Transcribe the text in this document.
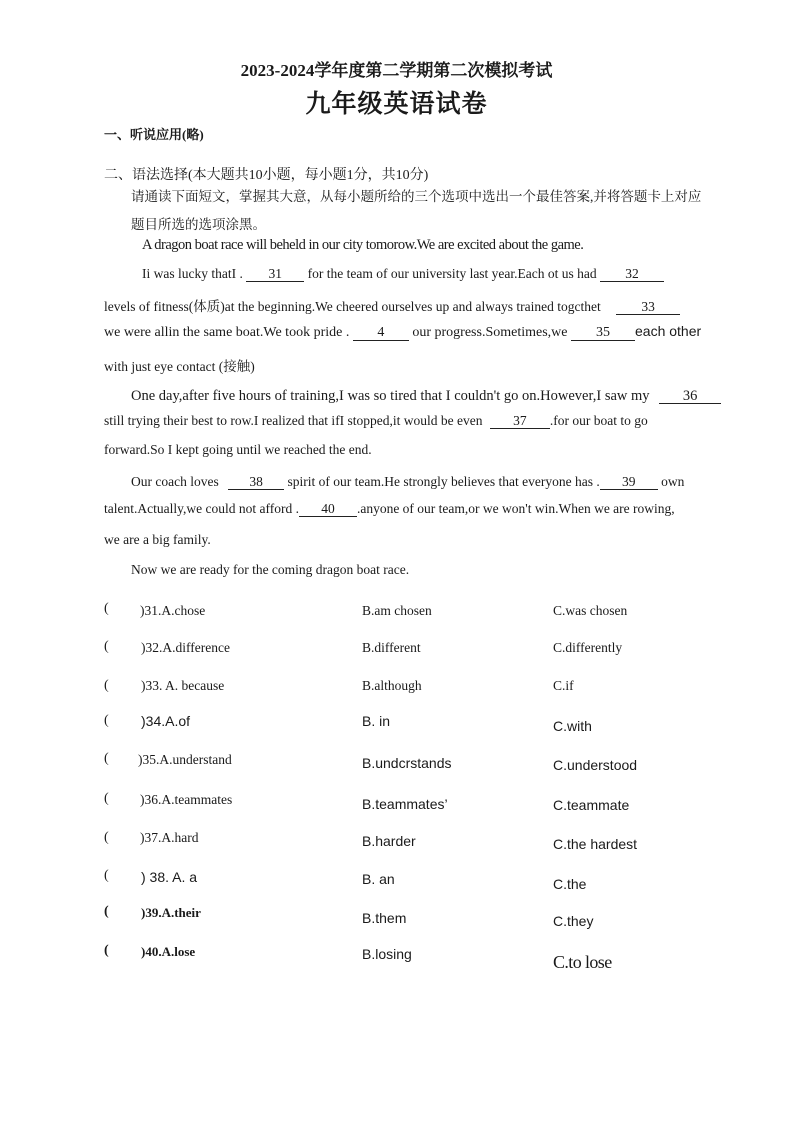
2023-2024学年度第二学期第二次模拟考试
九年级英语试卷
一、听说应用(略)
二、语法选择(本大题共10小题，每小题1分，共10分)
请通读下面短文，掌握其大意，从每小题所给的三个选项中选出一个最佳答案,并将答题卡上对应
题目所选的选项涂黑。
A dragon boat race will beheld in our city tomorow.We are excited about the game.
Ii was lucky thatI . 31 for the team of our university last year.Each ot us had 32
levels of fitness(体质)at the beginning.We cheered ourselves up and always trained togcthet	33
we were allin the same boat.We took pride . 4 our progress.Sometimes,we 35 each other
with just eye contact (接触)
One day,after five hours of training,I was so tired that I couldn't go on.However,I saw my 36
still trying their best to row.I realized that ifI stopped,it would be even 37 .for our boat to go
forward.So I kept going until we reached the end.
Our coach loves 38 spirit of our team.He strongly believes that everyone has . 39 own
talent.Actually,we could not afford . 40 .anyone of our team,or we won't win.When we are rowing,
we are a big family.
Now we are ready for the coming dragon boat race.
( )31.A.chose	B.am chosen	C.was chosen
( )32.A.difference	B.different	C.differently
( )33. A. because	B.although	C.if
( )34.A.of	B. in	C.with
( )35.A.understand	B.undcrstands	C.understood
( )36.A.teammates	B.teammates’	C.teammate
( )37.A.hard	B.harder	C.the hardest
( ) 38. A. a	B. an	C.the
( )39.A.their	B.them	C.they
( )40.A.lose	B.losing	C.to lose
